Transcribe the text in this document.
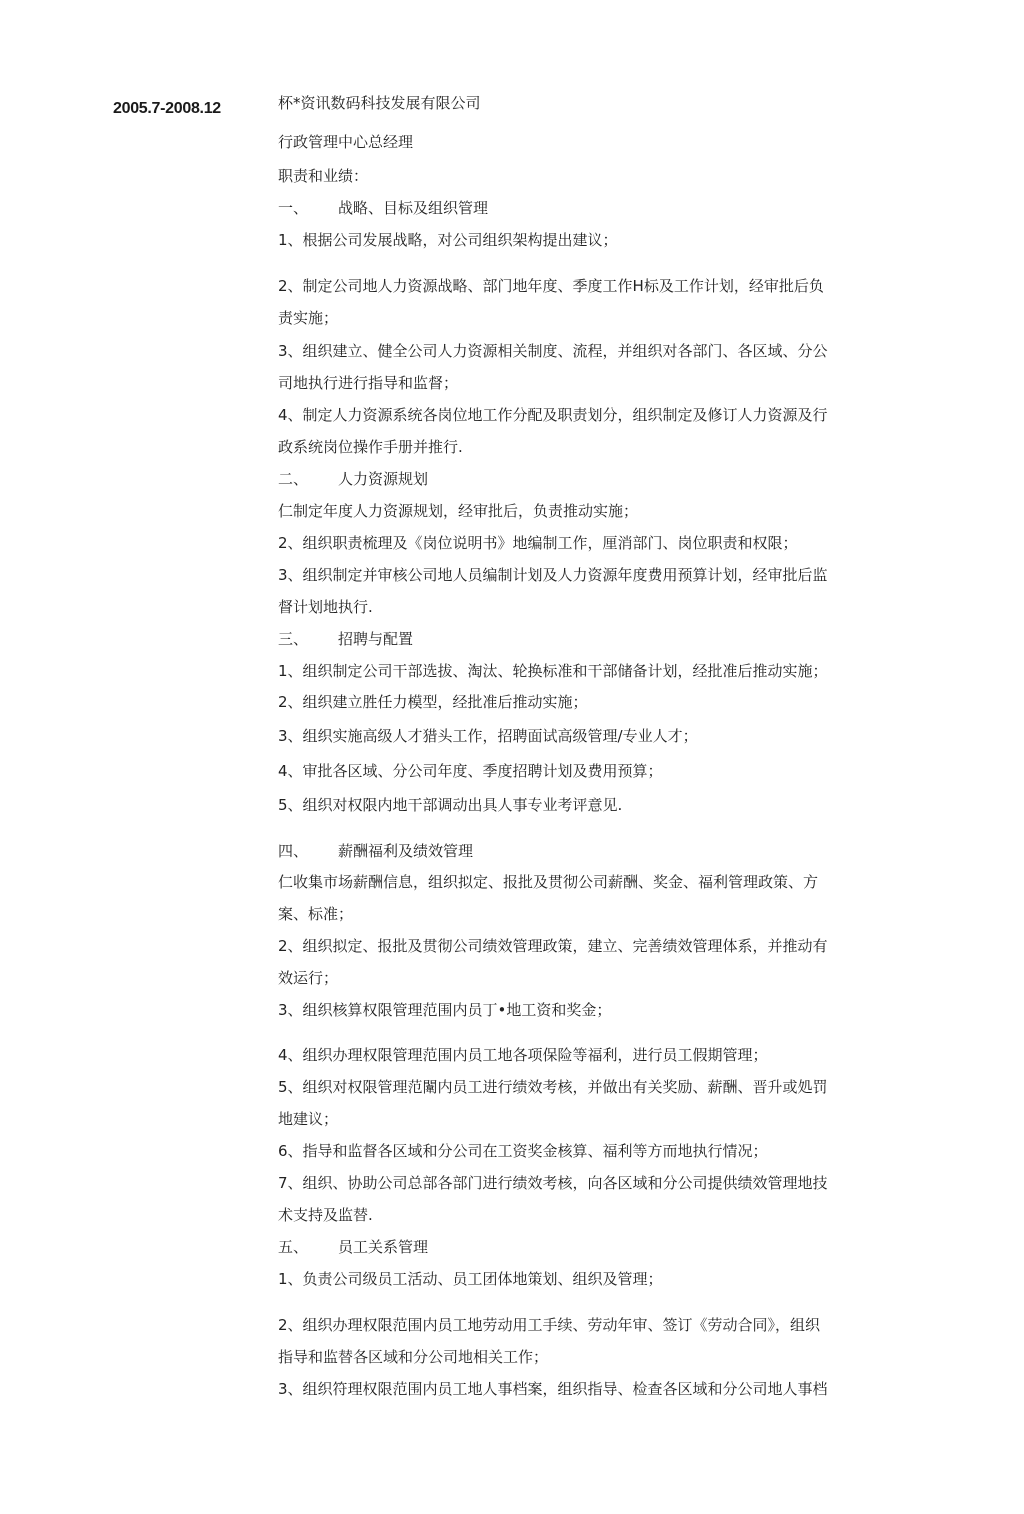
2005.7-2008.12	杯*资讯数码科技发展有限公司
行政管理中心总经理
职责和业绩：
一、 战略、目标及组织管理
1、根据公司发展战略，对公司组织架构提出建议；
2、制定公司地人力资源战略、部门地年度、季度工作H标及工作计划，经审批后负
责实施；
3、组织建立、健全公司人力资源相关制度、流程，并组织对各部门、各区域、分公
司地执行进行指导和监督；
4、制定人力资源系统各岗位地工作分配及职责划分，组织制定及修订人力资源及行
政系统岗位操作手册并推行.
二、 人力资源规划
仁制定年度人力资源规划，经审批后，负责推动实施；
2、组织职责梳理及《岗位说明书》地编制工作，厘消部门、岗位职责和权限；
3、组织制定并审核公司地人员编制计划及人力资源年度费用预算计划，经审批后监
督计划地执行.
三、 招聘与配置
1、组织制定公司干部选拔、淘汰、轮换标准和干部储备计划，经批准后推动实施；
2、组织建立胜任力模型，经批准后推动实施；
3、组织实施高级人才猎头工作，招聘面试高级管理/专业人才；
4、审批各区域、分公司年度、季度招聘计划及费用预算；
5、组织对权限内地干部调动出具人事专业考评意见.
四、 薪酬福利及绩效管理
仁收集市场薪酬信息，组织拟定、报批及贯彻公司薪酬、奖金、福利管理政策、方
案、标准；
2、组织拟定、报批及贯彻公司绩效管理政策，建立、完善绩效管理体系，并推动有
效运行；
3、组织核算权限管理范围内员丁•地工资和奖金；
4、组织办理权限管理范围内员工地各项保险等福利，进行员工假期管理；
5、组织对权限管理范闈内员工进行绩效考核，并做出有关奖励、薪酬、晋升或処罚
地建议；
6、指导和监督各区域和分公司在工资奖金核算、福利等方而地执行情况；
7、组织、协助公司总部各部门进行绩效考核，向各区域和分公司提供绩效管理地技
术支持及监替.
五、 员工关系管理
1、负责公司级员工活动、员工团体地策划、组织及管理；
2、组织办理权限范围内员工地劳动用工手续、劳动年审、签订《劳动合同》，组织
指导和监替各区域和分公司地相关工作；
3、组织符理权限范围内员工地人事档案，组织指导、检查各区域和分公司地人事档
